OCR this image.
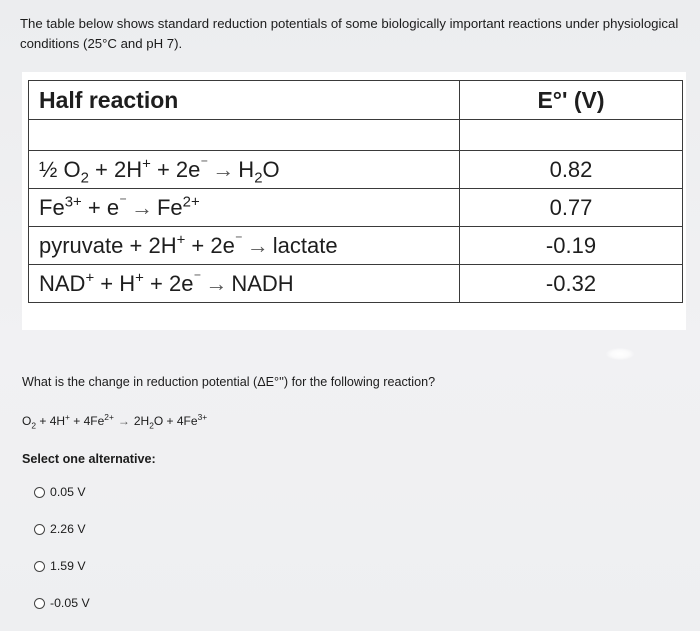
The table below shows standard reduction potentials of some biologically important reactions under physiological
conditions (25°C and pH 7).
Half reaction	E°' (V)

½ $O_2 + 2H^+ + 2e^{^-} \to H_2O$	0.82
$Fe^{3+} + e^{^-} \to Fe^{2+}$	0.77
pyruvate + 2H+ + 2e⁻ → lactate	-0.19
NAD+ + H+ + 2e⁻ → NADH	-0.32
What is the change in reduction potential (ΔE°'') for the following reaction?
$O_2 + 4H^+ + 4Fe^{2+} \to 2H_2O + 4Fe^{3+}$
Select one alternative:
0.05 V
2.26 V
1.59 V
-0.05 V
